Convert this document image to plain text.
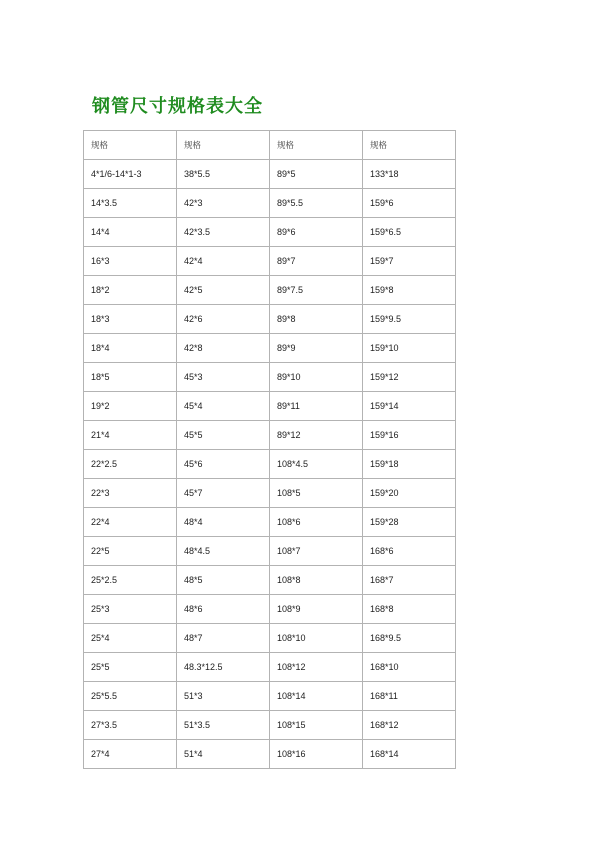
钢管尺寸规格表大全
规格	规格	规格	规格
4*1/6-14*1-3	38*5.5	89*5	133*18
14*3.5	42*3	89*5.5	159*6
14*4	42*3.5	89*6	159*6.5
16*3	42*4	89*7	159*7
18*2	42*5	89*7.5	159*8
18*3	42*6	89*8	159*9.5
18*4	42*8	89*9	159*10
18*5	45*3	89*10	159*12
19*2	45*4	89*11	159*14
21*4	45*5	89*12	159*16
22*2.5	45*6	108*4.5	159*18
22*3	45*7	108*5	159*20
22*4	48*4	108*6	159*28
22*5	48*4.5	108*7	168*6
25*2.5	48*5	108*8	168*7
25*3	48*6	108*9	168*8
25*4	48*7	108*10	168*9.5
25*5	48.3*12.5	108*12	168*10
25*5.5	51*3	108*14	168*11
27*3.5	51*3.5	108*15	168*12
27*4	51*4	108*16	168*14
